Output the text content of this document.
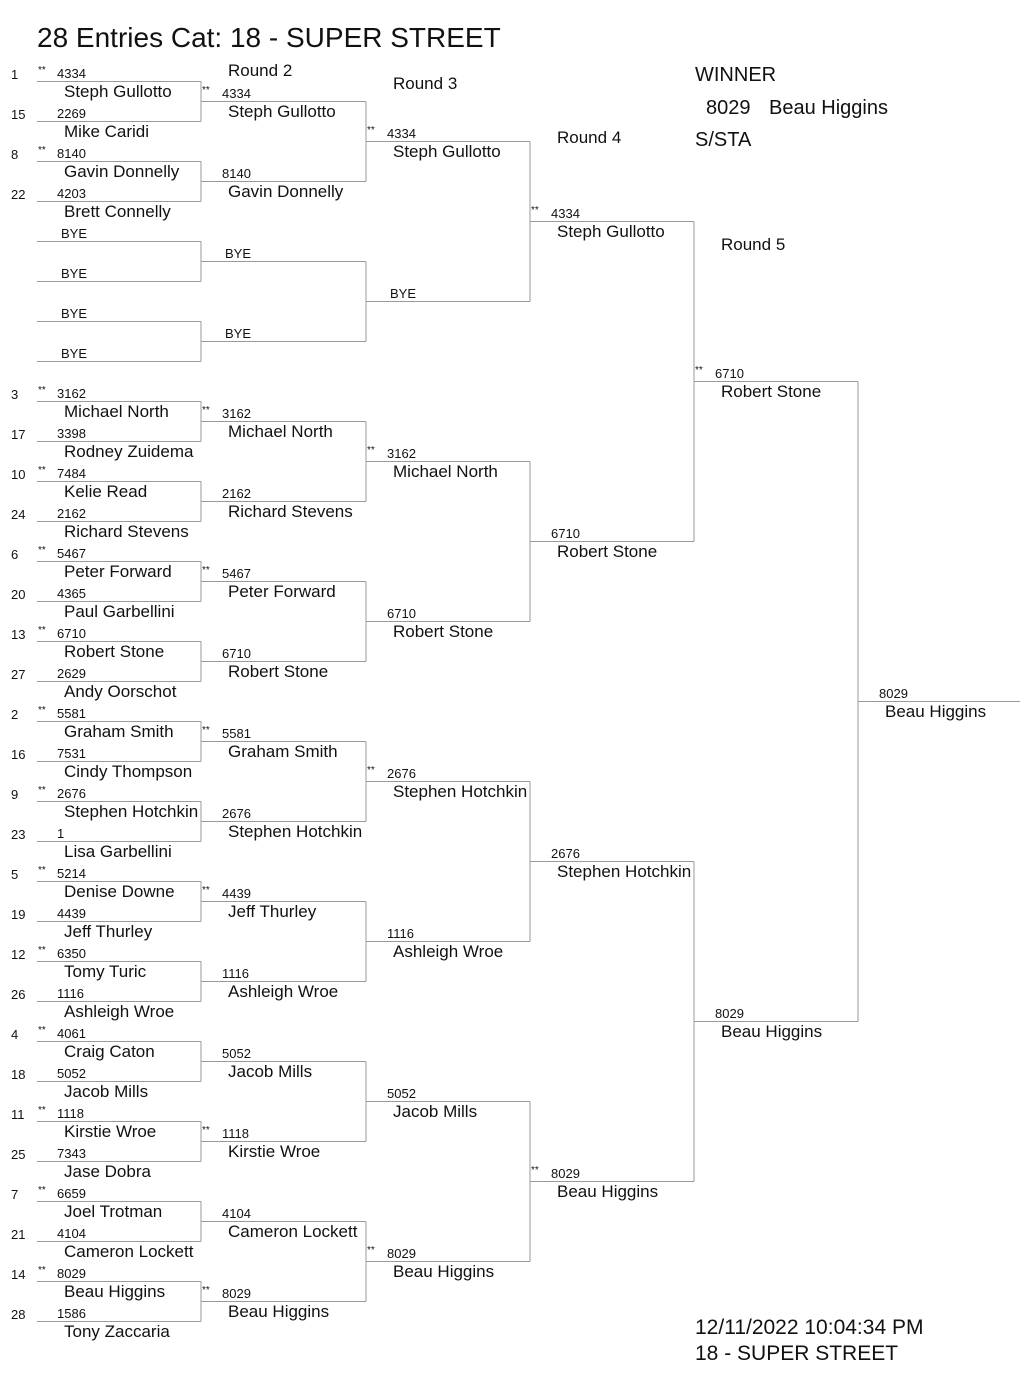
1 ** 4334
Steph Gullotto
15 2269
Mike Caridi
8 ** 8140
Gavin Donnelly
22 4203
Brett Connelly
BYE
BYE
BYE
BYE
3 ** 3162
Michael North
17 3398
Rodney Zuidema
10 ** 7484
Kelie Read
24 2162
Richard Stevens
6 ** 5467
Peter Forward
20 4365
Paul Garbellini
13 ** 6710
Robert Stone
27 2629
Andy Oorschot
2 ** 5581
Graham Smith
16 7531
Cindy Thompson
9 ** 2676
Stephen Hotchkin
23 1
Lisa Garbellini
5 ** 5214
Denise Downe
19 4439
Jeff Thurley
12 ** 6350
Tomy Turic
26 1116
Ashleigh Wroe
4 ** 4061
Craig Caton
18 5052
Jacob Mills
11 ** 1118
Kirstie Wroe
25 7343
Jase Dobra
7 ** 6659
Joel Trotman
21 4104
Cameron Lockett
14 ** 8029
Beau Higgins
28 1586
Tony Zaccaria
** 4334
Steph Gullotto
8140
Gavin Donnelly
BYE
BYE
** 3162
Michael North
2162
Richard Stevens
** 5467
Peter Forward
6710
Robert Stone
** 5581
Graham Smith
2676
Stephen Hotchkin
** 4439
Jeff Thurley
1116
Ashleigh Wroe
5052
Jacob Mills
** 1118
Kirstie Wroe
4104
Cameron Lockett
** 8029
Beau Higgins
** 4334
Steph Gullotto
BYE
** 3162
Michael North
6710
Robert Stone
** 2676
Stephen Hotchkin
1116
Ashleigh Wroe
5052
Jacob Mills
** 8029
Beau Higgins
** 4334
Steph Gullotto
6710
Robert Stone
2676
Stephen Hotchkin
** 8029
Beau Higgins
** 6710
Robert Stone
8029
Beau Higgins
8029
Beau Higgins
28 Entries Cat: 18 - SUPER STREET
Round 2
Round 3
Round 4
Round 5
WINNER
8029 Beau Higgins
S/STA
12/11/2022 10:04:34 PM
18 - SUPER STREET
